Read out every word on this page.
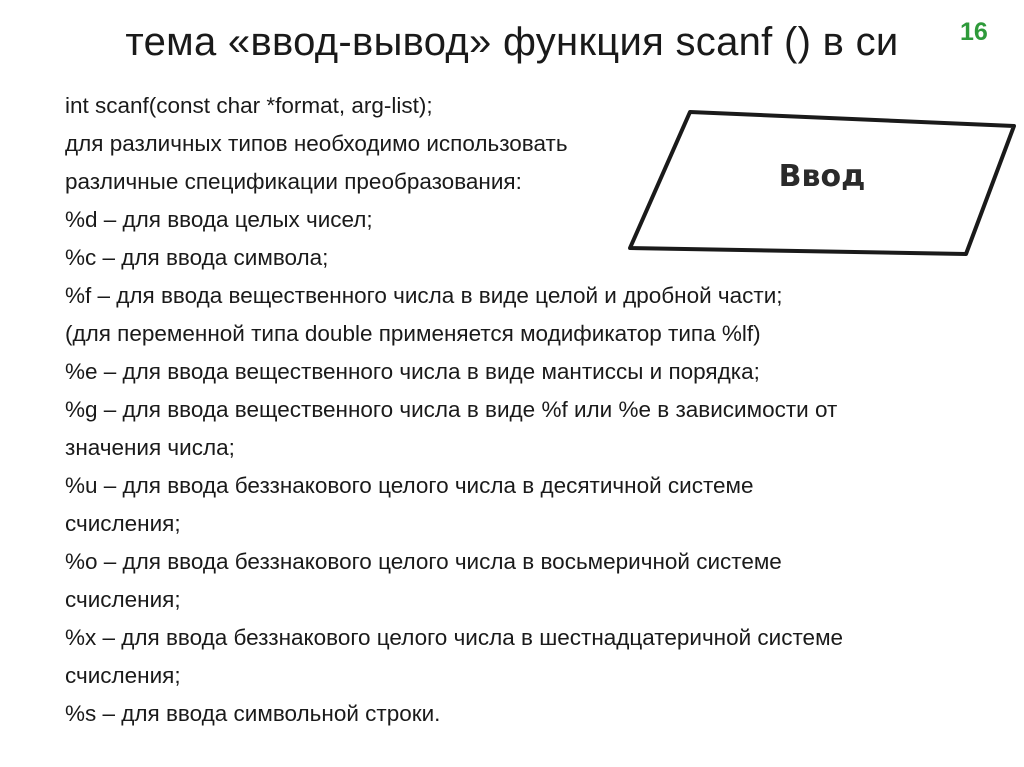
тема «ввод-вывод» функция scanf () в си	16
Ввод
int scanf(const char *format, arg-list);
для различных типов необходимо использовать
различные спецификации преобразования:
%d – для ввода целых чисел;
%c – для ввода символа;
%f – для ввода вещественного числа в виде целой и дробной части;
(для переменной типа double применяется модификатор типа %lf)
%e – для ввода вещественного числа в виде мантиссы и порядка;
%g – для ввода вещественного числа в виде %f или %e в зависимости от
значения числа;
%u – для ввода беззнакового целого числа в десятичной системе
счисления;
%o – для ввода беззнакового целого числа в восьмеричной системе
счисления;
%x – для ввода беззнакового целого числа в шестнадцатеричной системе
счисления;
%s – для ввода символьной строки.
